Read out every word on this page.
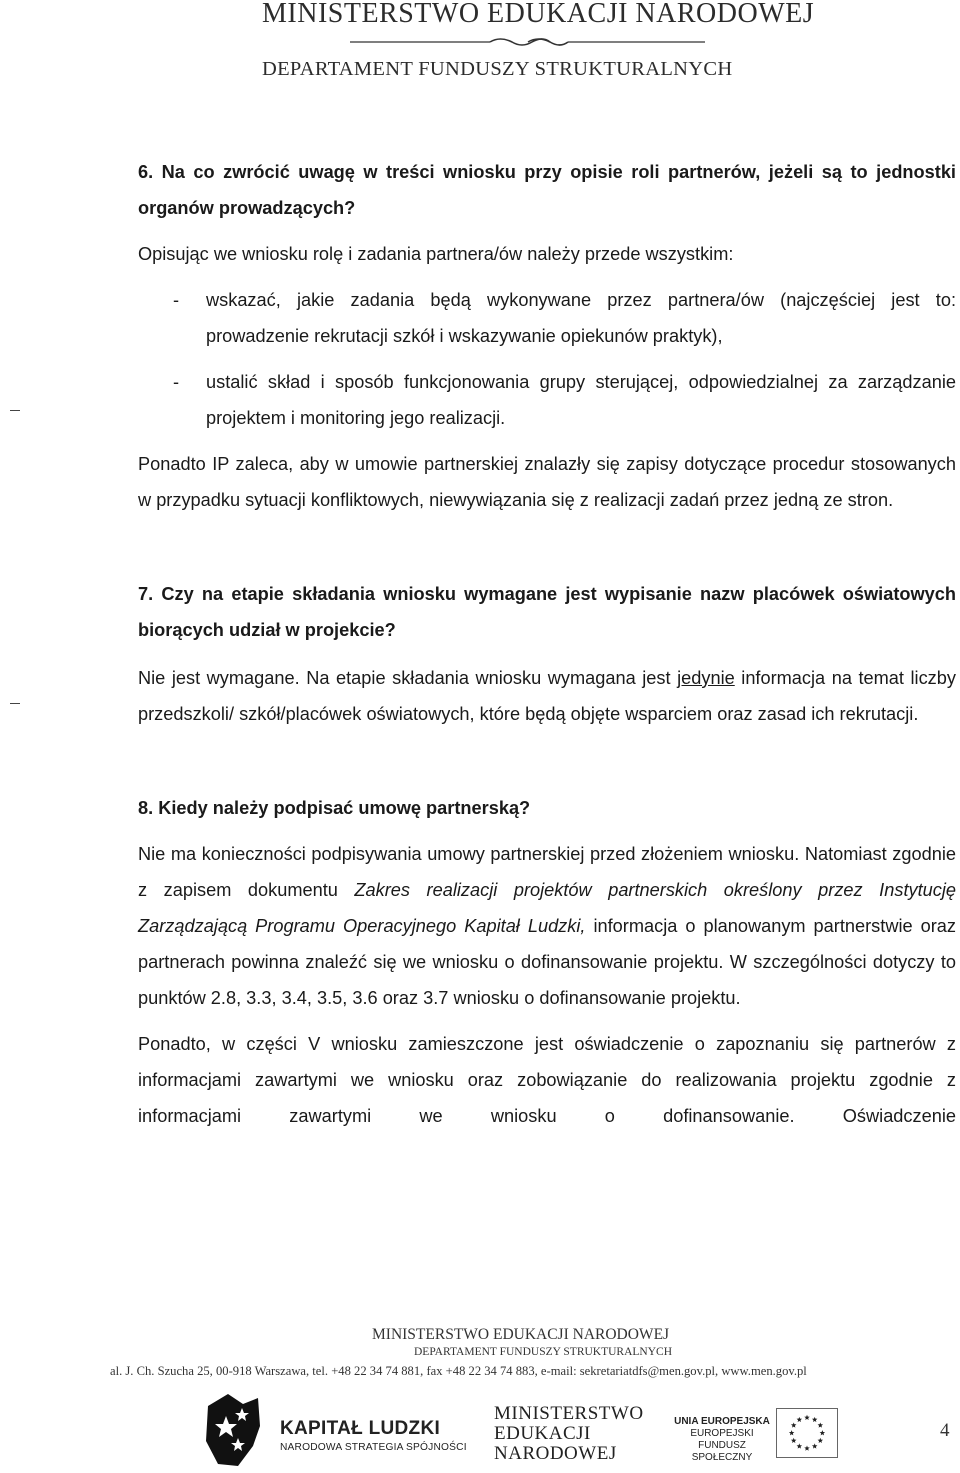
MINISTERSTWO EDUKACJI NARODOWEJ
DEPARTAMENT FUNDUSZY STRUKTURALNYCH
6. Na co zwrócić uwagę w treści wniosku przy opisie roli partnerów, jeżeli są to jednostki organów prowadzących?
Opisując we wniosku rolę i zadania partnera/ów należy przede wszystkim:
- wskazać, jakie zadania będą wykonywane przez partnera/ów (najczęściej jest to: prowadzenie rekrutacji szkół i wskazywanie opiekunów praktyk),
- ustalić skład i sposób funkcjonowania grupy sterującej, odpowiedzialnej za zarządzanie projektem i monitoring jego realizacji.
Ponadto IP zaleca, aby w umowie partnerskiej znalazły się zapisy dotyczące procedur stosowanych w przypadku sytuacji konfliktowych, niewywiązania się z realizacji zadań przez jedną ze stron.
7. Czy na etapie składania wniosku wymagane jest wypisanie nazw placówek oświatowych biorących udział w projekcie?
Nie jest wymagane. Na etapie składania wniosku wymagana jest jedynie informacja na temat liczby przedszkoli/ szkół/placówek oświatowych, które będą objęte wsparciem oraz zasad ich rekrutacji.
8. Kiedy należy podpisać umowę partnerską?
Nie ma konieczności podpisywania umowy partnerskiej przed złożeniem wniosku. Natomiast zgodnie z zapisem dokumentu Zakres realizacji projektów partnerskich określony przez Instytucję Zarządzającą Programu Operacyjnego Kapitał Ludzki, informacja o planowanym partnerstwie oraz partnerach powinna znaleźć się we wniosku o dofinansowanie projektu. W szczególności dotyczy to punktów 2.8, 3.3, 3.4, 3.5, 3.6 oraz 3.7 wniosku o dofinansowanie projektu.
Ponadto, w części V wniosku zamieszczone jest oświadczenie o zapoznaniu się partnerów z informacjami zawartymi we wniosku oraz zobowiązanie do realizowania projektu zgodnie z informacjami zawartymi we wniosku o dofinansowanie. Oświadczenie
MINISTERSTWO EDUKACJI NARODOWEJ
DEPARTAMENT FUNDUSZY STRUKTURALNYCH
al. J. Ch. Szucha 25, 00-918 Warszawa, tel. +48 22 34 74 881, fax +48 22 34 74 883, e-mail: sekretariatdfs@men.gov.pl, www.men.gov.pl
KAPITAŁ LUDZKI
NARODOWA STRATEGIA SPÓJNOŚCI
MINISTERSTWO
EDUKACJI
NARODOWEJ
UNIA EUROPEJSKA
EUROPEJSKI
FUNDUSZ SPOŁECZNY
4
